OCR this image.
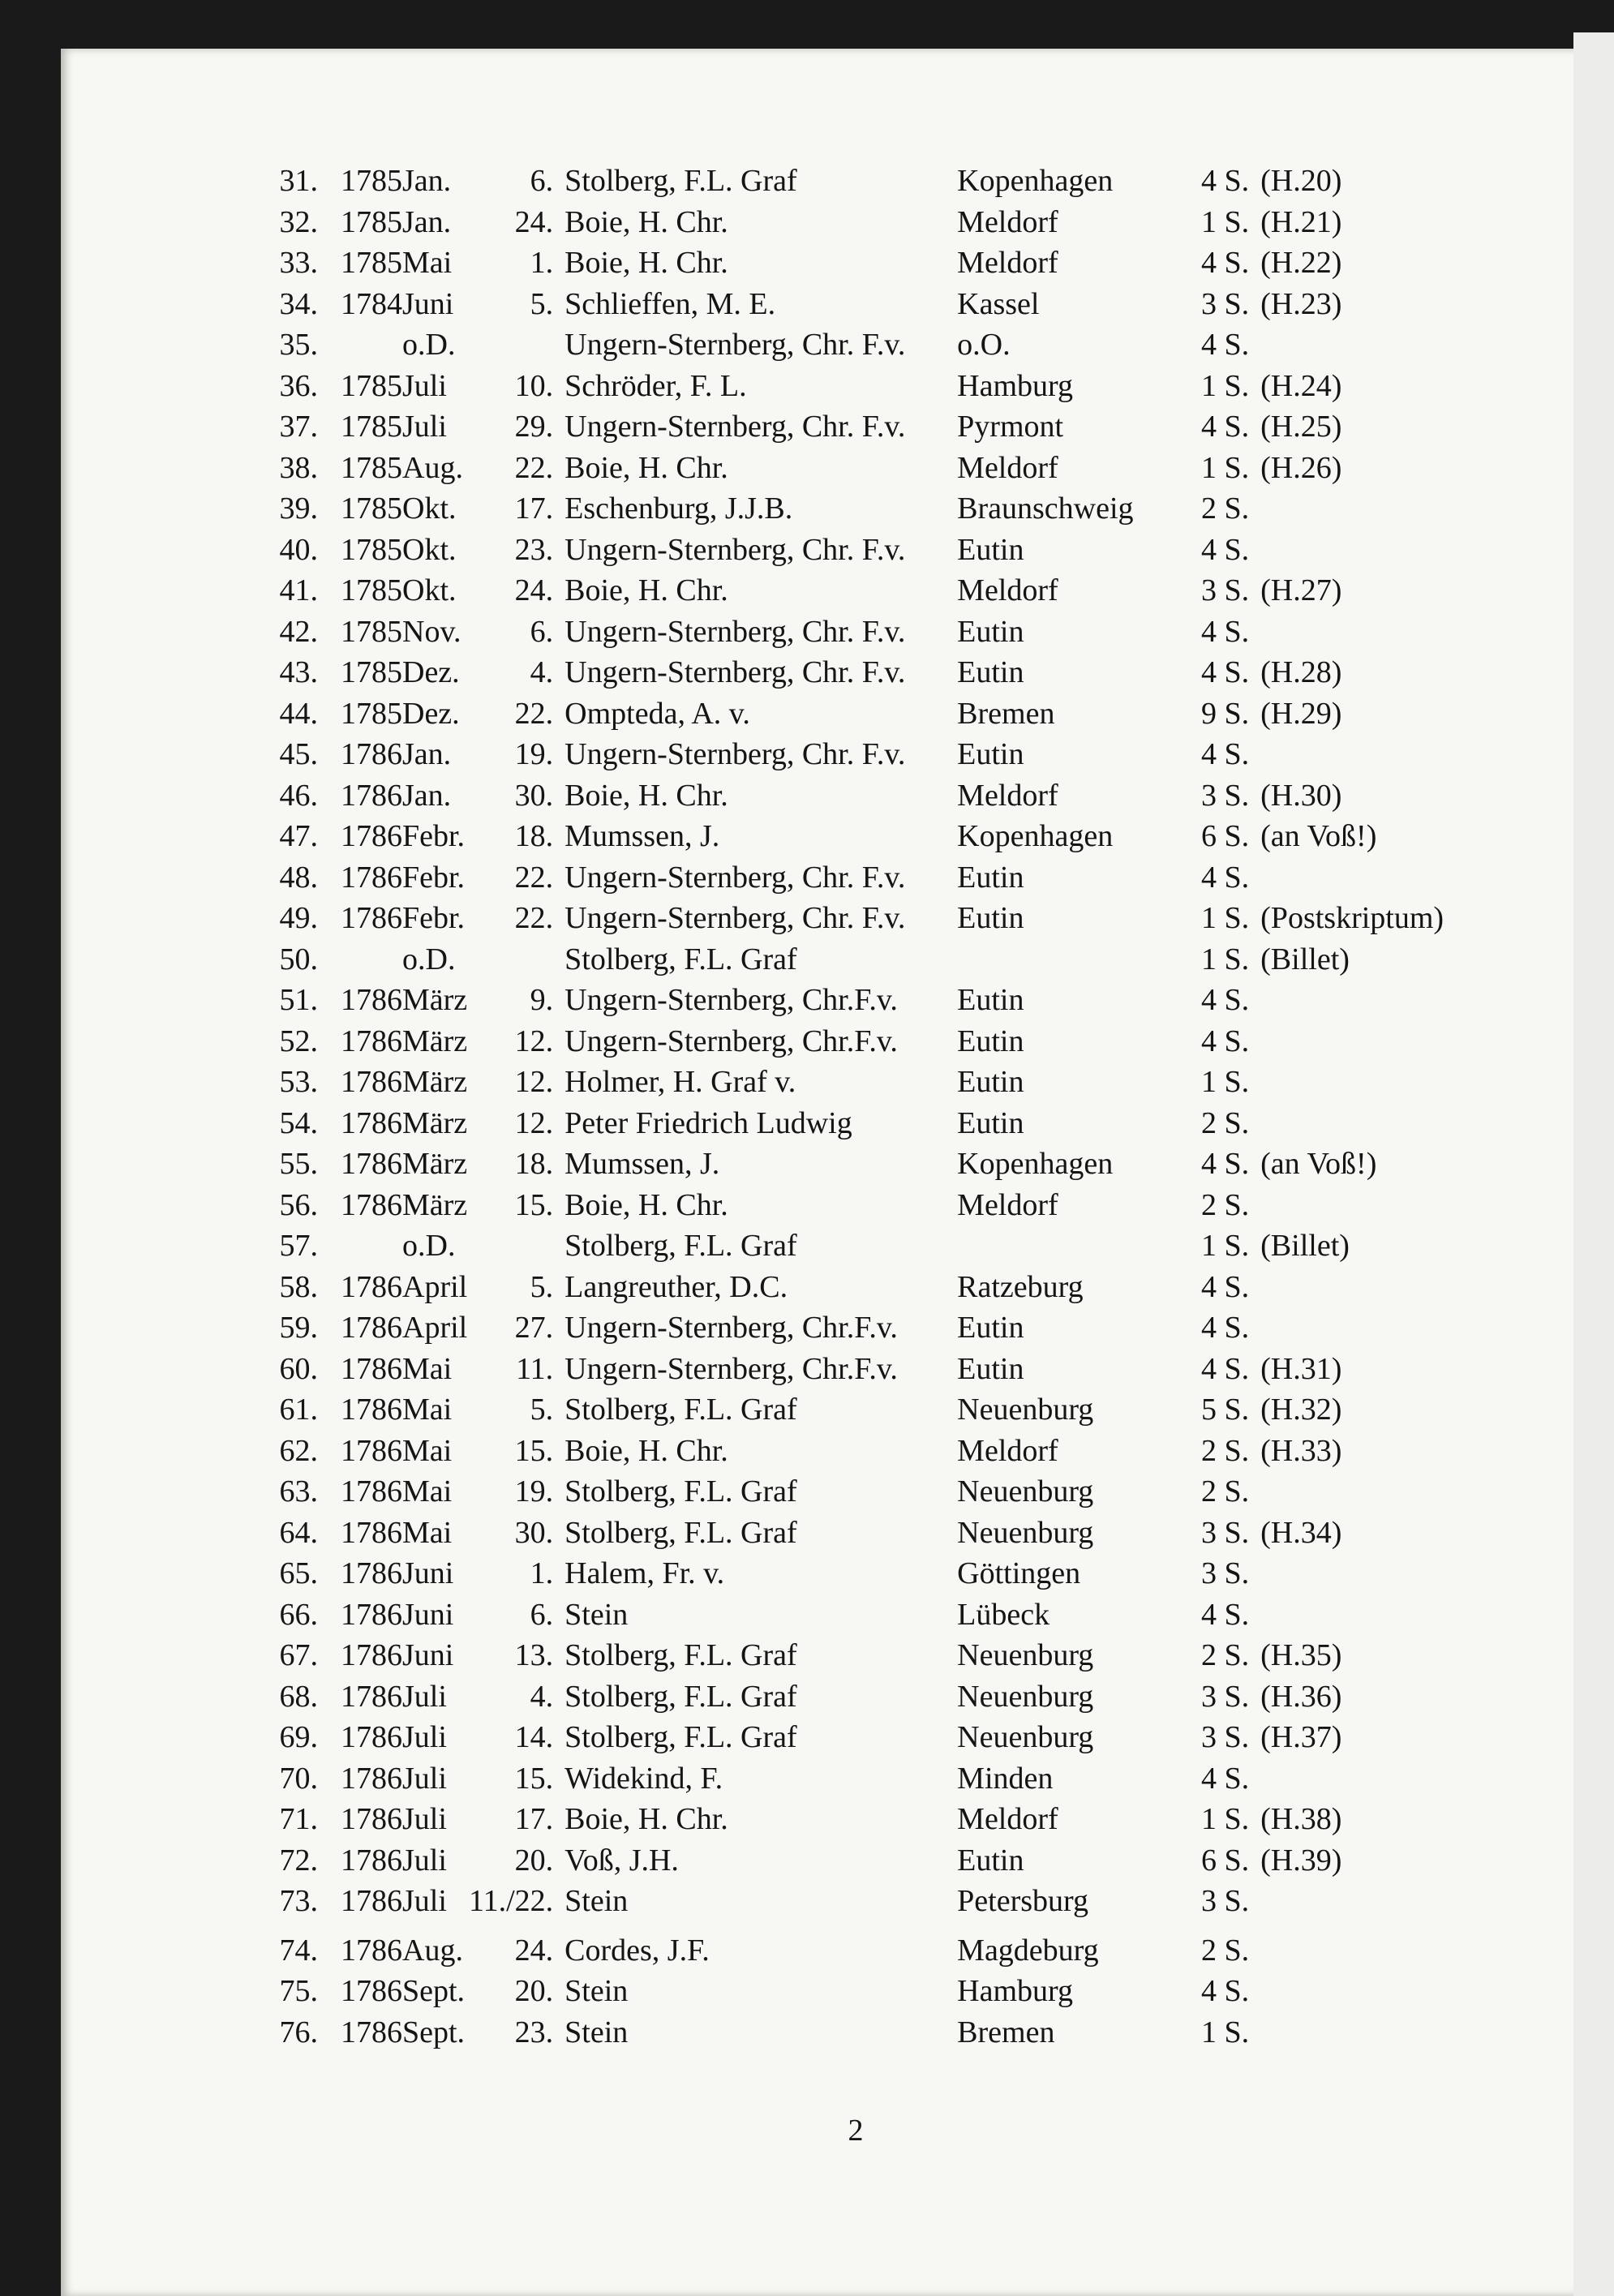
31.	1785	Jan.	6.	Stolberg, F.L. Graf	Kopenhagen	4 S.	(H.20)
32.	1785	Jan.	24.	Boie, H. Chr.	Meldorf	1 S.	(H.21)
33.	1785	Mai	1.	Boie, H. Chr.	Meldorf	4 S.	(H.22)
34.	1784	Juni	5.	Schlieffen, M. E.	Kassel	3 S.	(H.23)
35.		o.D.		Ungern-Sternberg, Chr. F.v.	o.O.	4 S.	
36.	1785	Juli	10.	Schröder, F. L.	Hamburg	1 S.	(H.24)
37.	1785	Juli	29.	Ungern-Sternberg, Chr. F.v.	Pyrmont	4 S.	(H.25)
38.	1785	Aug.	22.	Boie, H. Chr.	Meldorf	1 S.	(H.26)
39.	1785	Okt.	17.	Eschenburg, J.J.B.	Braunschweig	2 S.	
40.	1785	Okt.	23.	Ungern-Sternberg, Chr. F.v.	Eutin	4 S.	
41.	1785	Okt.	24.	Boie, H. Chr.	Meldorf	3 S.	(H.27)
42.	1785	Nov.	6.	Ungern-Sternberg, Chr. F.v.	Eutin	4 S.	
43.	1785	Dez.	4.	Ungern-Sternberg, Chr. F.v.	Eutin	4 S.	(H.28)
44.	1785	Dez.	22.	Ompteda, A. v.	Bremen	9 S.	(H.29)
45.	1786	Jan.	19.	Ungern-Sternberg, Chr. F.v.	Eutin	4 S.	
46.	1786	Jan.	30.	Boie, H. Chr.	Meldorf	3 S.	(H.30)
47.	1786	Febr.	18.	Mumssen, J.	Kopenhagen	6 S.	(an Voß!)
48.	1786	Febr.	22.	Ungern-Sternberg, Chr. F.v.	Eutin	4 S.	
49.	1786	Febr.	22.	Ungern-Sternberg, Chr. F.v.	Eutin	1 S.	(Postskriptum)
50.		o.D.		Stolberg, F.L. Graf		1 S.	(Billet)
51.	1786	März	9.	Ungern-Sternberg, Chr.F.v.	Eutin	4 S.	
52.	1786	März	12.	Ungern-Sternberg, Chr.F.v.	Eutin	4 S.	
53.	1786	März	12.	Holmer, H. Graf v.	Eutin	1 S.	
54.	1786	März	12.	Peter Friedrich Ludwig	Eutin	2 S.	
55.	1786	März	18.	Mumssen, J.	Kopenhagen	4 S.	(an Voß!)
56.	1786	März	15.	Boie, H. Chr.	Meldorf	2 S.	
57.		o.D.		Stolberg, F.L. Graf		1 S.	(Billet)
58.	1786	April	5.	Langreuther, D.C.	Ratzeburg	4 S.	
59.	1786	April	27.	Ungern-Sternberg, Chr.F.v.	Eutin	4 S.	
60.	1786	Mai	11.	Ungern-Sternberg, Chr.F.v.	Eutin	4 S.	(H.31)
61.	1786	Mai	5.	Stolberg, F.L. Graf	Neuenburg	5 S.	(H.32)
62.	1786	Mai	15.	Boie, H. Chr.	Meldorf	2 S.	(H.33)
63.	1786	Mai	19.	Stolberg, F.L. Graf	Neuenburg	2 S.	
64.	1786	Mai	30.	Stolberg, F.L. Graf	Neuenburg	3 S.	(H.34)
65.	1786	Juni	1.	Halem, Fr. v.	Göttingen	3 S.	
66.	1786	Juni	6.	Stein	Lübeck	4 S.	
67.	1786	Juni	13.	Stolberg, F.L. Graf	Neuenburg	2 S.	(H.35)
68.	1786	Juli	4.	Stolberg, F.L. Graf	Neuenburg	3 S.	(H.36)
69.	1786	Juli	14.	Stolberg, F.L. Graf	Neuenburg	3 S.	(H.37)
70.	1786	Juli	15.	Widekind, F.	Minden	4 S.	
71.	1786	Juli	17.	Boie, H. Chr.	Meldorf	1 S.	(H.38)
72.	1786	Juli	20.	Voß, J.H.	Eutin	6 S.	(H.39)
73.	1786	Juli	11./22.	Stein	Petersburg	3 S.	
74.	1786	Aug.	24.	Cordes, J.F.	Magdeburg	2 S.	
75.	1786	Sept.	20.	Stein	Hamburg	4 S.	
76.	1786	Sept.	23.	Stein	Bremen	1 S.	
2
